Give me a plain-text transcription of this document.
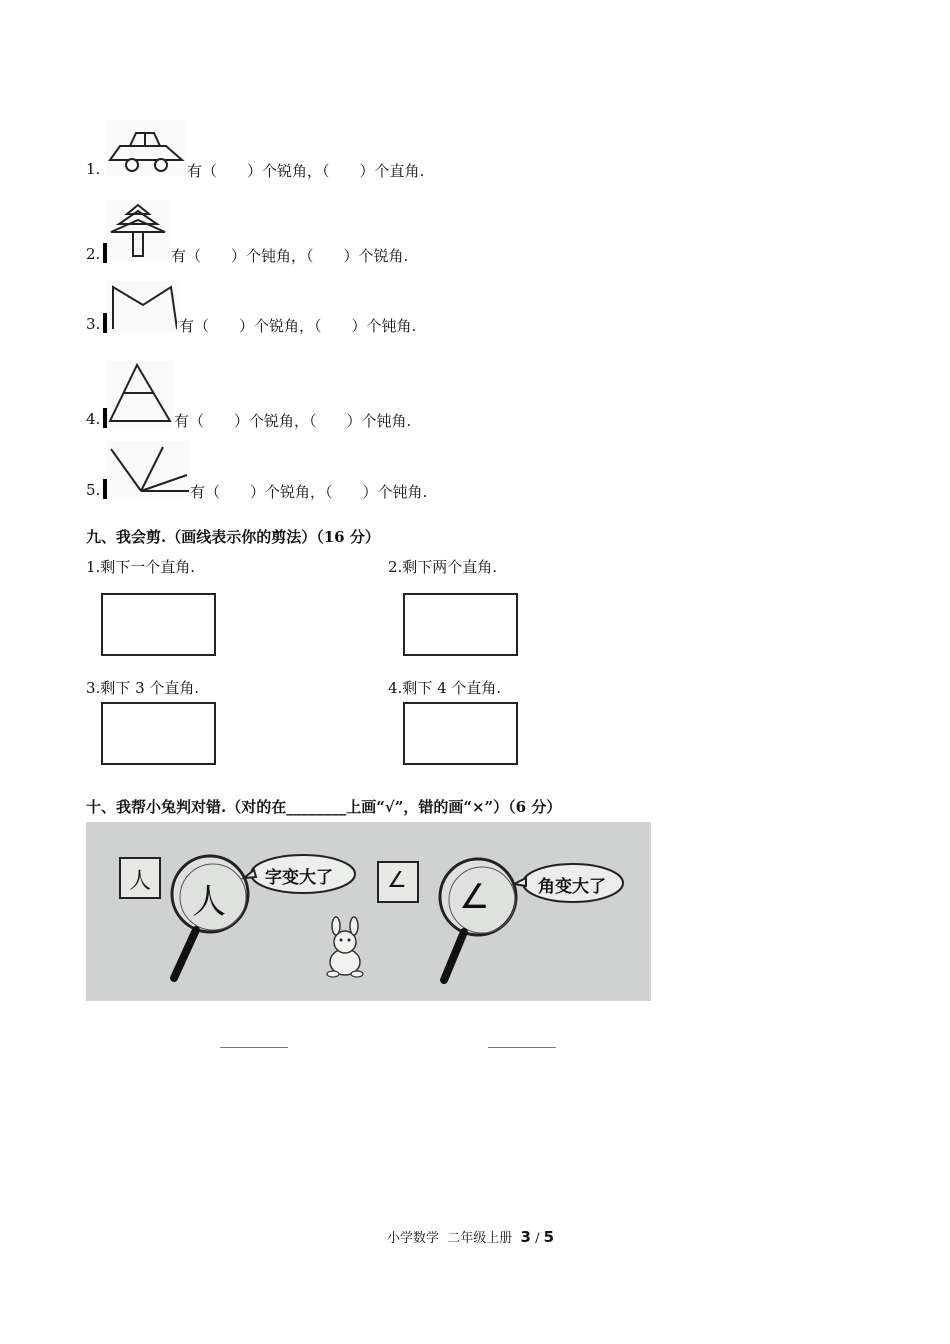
1.	有（　　）个锐角，（　　）个直角.
2.	有（　　）个钝角，（　　）个锐角.
3.	有（　　）个锐角，（　　）个钝角.
4.	有（　　）个锐角，（　　）个钝角.
5.	有（　　）个锐角，（　　）个钝角.
九、我会剪.（画线表示你的剪法）（16 分）
1.剩下一个直角.	2.剩下两个直角.
3.剩下 3 个直角.	4.剩下 4 个直角.
十、我帮小兔判对错.（对的在________上画“√”，错的画“×”）（6 分）
人
人
字变大了 ∠ ∠	角变大了
小学数学  二年级上册 3 / 5
